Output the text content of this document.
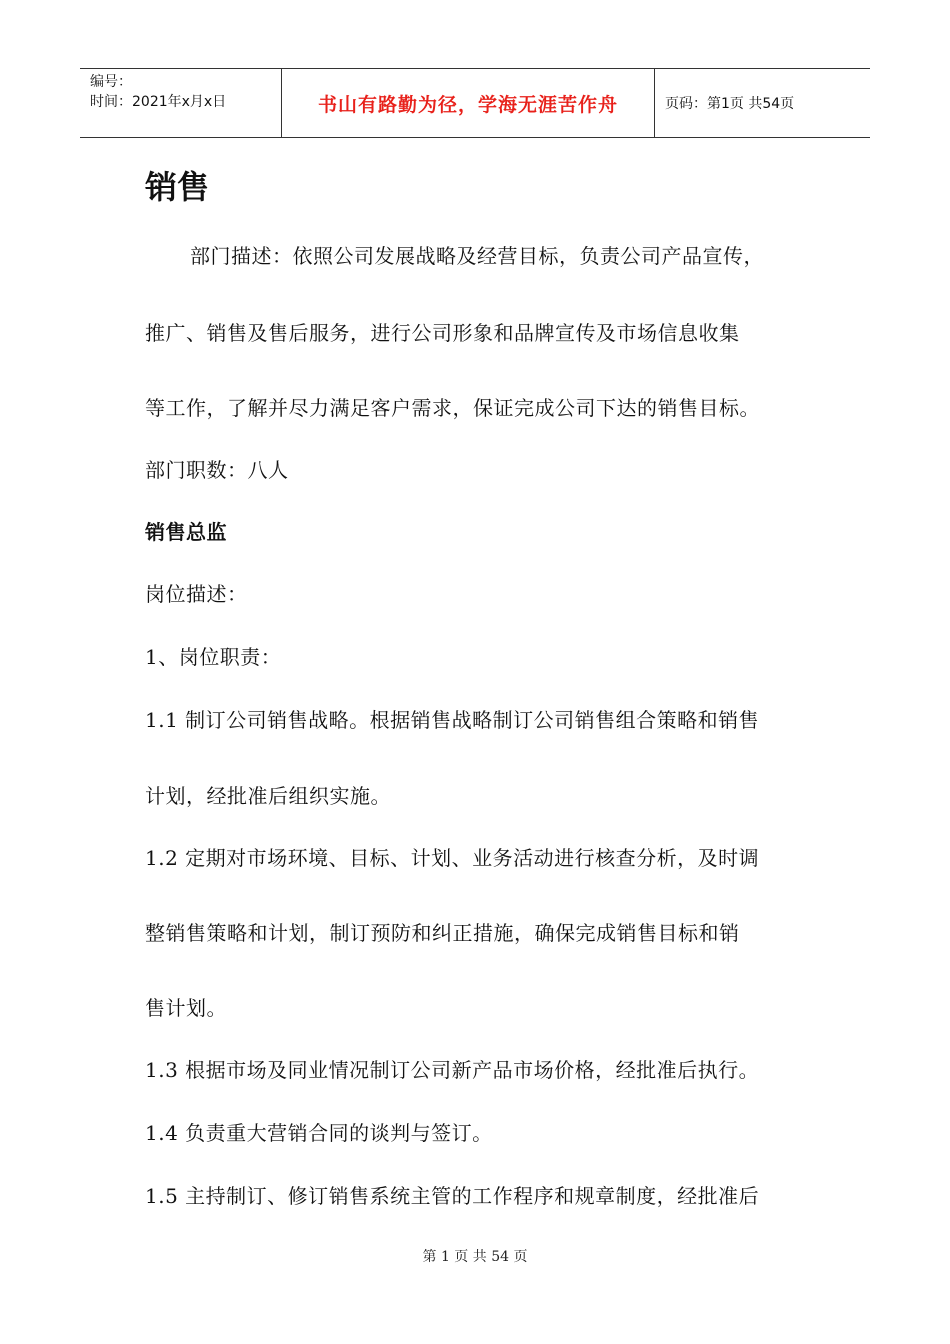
编号：
时间：2021年x月x日	书山有路勤为径，学海无涯苦作舟	页码：第1页 共54页
销售
部门描述：依照公司发展战略及经营目标，负责公司产品宣传，
推广、销售及售后服务，进行公司形象和品牌宣传及市场信息收集
等工作，了解并尽力满足客户需求，保证完成公司下达的销售目标。
部门职数：八人
销售总监
岗位描述：
1、岗位职责：
1.1 制订公司销售战略。根据销售战略制订公司销售组合策略和销售
计划，经批准后组织实施。
1.2 定期对市场环境、目标、计划、业务活动进行核查分析，及时调
整销售策略和计划，制订预防和纠正措施，确保完成销售目标和销
售计划。
1.3 根据市场及同业情况制订公司新产品市场价格，经批准后执行。
1.4 负责重大营销合同的谈判与签订。
1.5 主持制订、修订销售系统主管的工作程序和规章制度，经批准后
第 1 页 共 54 页
